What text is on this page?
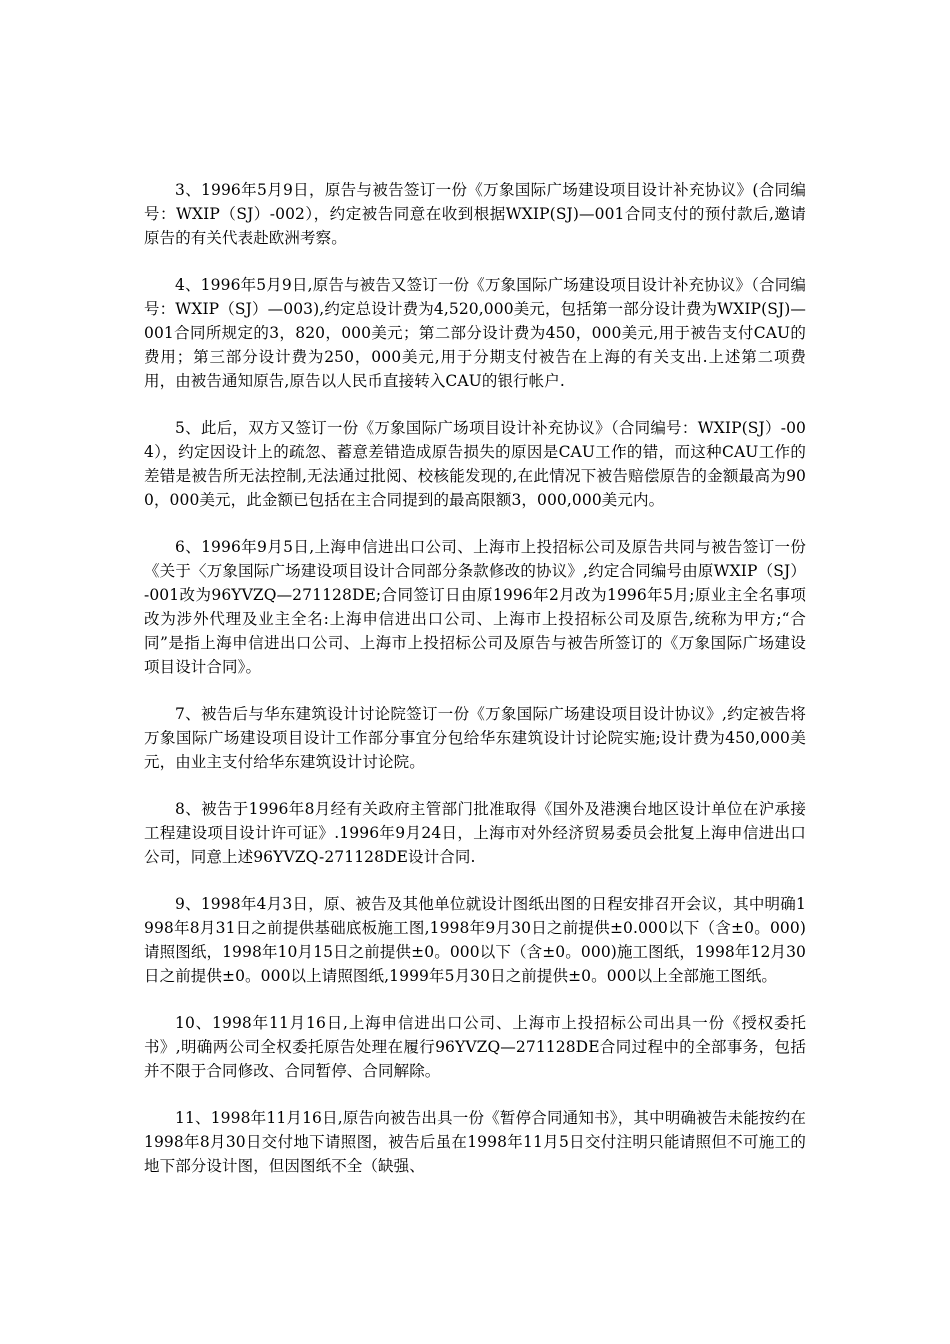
3、1996年5月9日，原告与被告签订一份《万象国际广场建设项目设计补充协议》(合同编号：WXIP（SJ）-002），约定被告同意在收到根据WXIP(SJ)—001合同支付的预付款后,邀请原告的有关代表赴欧洲考察。

4、1996年5月9日,原告与被告又签订一份《万象国际广场建设项目设计补充协议》（合同编号：WXIP（SJ）—003),约定总设计费为4,520,000美元，包括第一部分设计费为WXIP(SJ)—001合同所规定的3，820，000美元；第二部分设计费为450，000美元,用于被告支付CAU的费用；第三部分设计费为250，000美元,用于分期支付被告在上海的有关支出.上述第二项费用，由被告通知原告,原告以人民币直接转入CAU的银行帐户.

5、此后，双方又签订一份《万象国际广场项目设计补充协议》（合同编号：WXIP(SJ）-004），约定因设计上的疏忽、蓄意差错造成原告损失的原因是CAU工作的错，而这种CAU工作的差错是被告所无法控制,无法通过批阅、校核能发现的,在此情况下被告赔偿原告的金额最高为900，000美元，此金额已包括在主合同提到的最高限额3，000,000美元内。

6、1996年9月5日,上海申信进出口公司、上海市上投招标公司及原告共同与被告签订一份《关于〈万象国际广场建设项目设计合同部分条款修改的协议》,约定合同编号由原WXIP（SJ）-001改为96YVZQ—271128DE;合同签订日由原1996年2月改为1996年5月;原业主全名事项改为涉外代理及业主全名:上海申信进出口公司、上海市上投招标公司及原告,统称为甲方;“合同”是指上海申信进出口公司、上海市上投招标公司及原告与被告所签订的《万象国际广场建设项目设计合同》。

7、被告后与华东建筑设计讨论院签订一份《万象国际广场建设项目设计协议》,约定被告将万象国际广场建设项目设计工作部分事宜分包给华东建筑设计讨论院实施;设计费为450,000美元，由业主支付给华东建筑设计讨论院。

8、被告于1996年8月经有关政府主管部门批准取得《国外及港澳台地区设计单位在沪承接工程建设项目设计许可证》.1996年9月24日，上海市对外经济贸易委员会批复上海申信进出口公司，同意上述96YVZQ-271128DE设计合同.

9、1998年4月3日，原、被告及其他单位就设计图纸出图的日程安排召开会议，其中明确1998年8月31日之前提供基础底板施工图,1998年9月30日之前提供±0.000以下（含±0。000)请照图纸，1998年10月15日之前提供±0。000以下（含±0。000)施工图纸，1998年12月30日之前提供±0。000以上请照图纸,1999年5月30日之前提供±0。000以上全部施工图纸。

10、1998年11月16日,上海申信进出口公司、上海市上投招标公司出具一份《授权委托书》,明确两公司全权委托原告处理在履行96YVZQ—271128DE合同过程中的全部事务，包括并不限于合同修改、合同暂停、合同解除。

11、1998年11月16日,原告向被告出具一份《暂停合同通知书》，其中明确被告未能按约在1998年8月30日交付地下请照图，被告后虽在1998年11月5日交付注明只能请照但不可施工的地下部分设计图，但因图纸不全（缺强、
